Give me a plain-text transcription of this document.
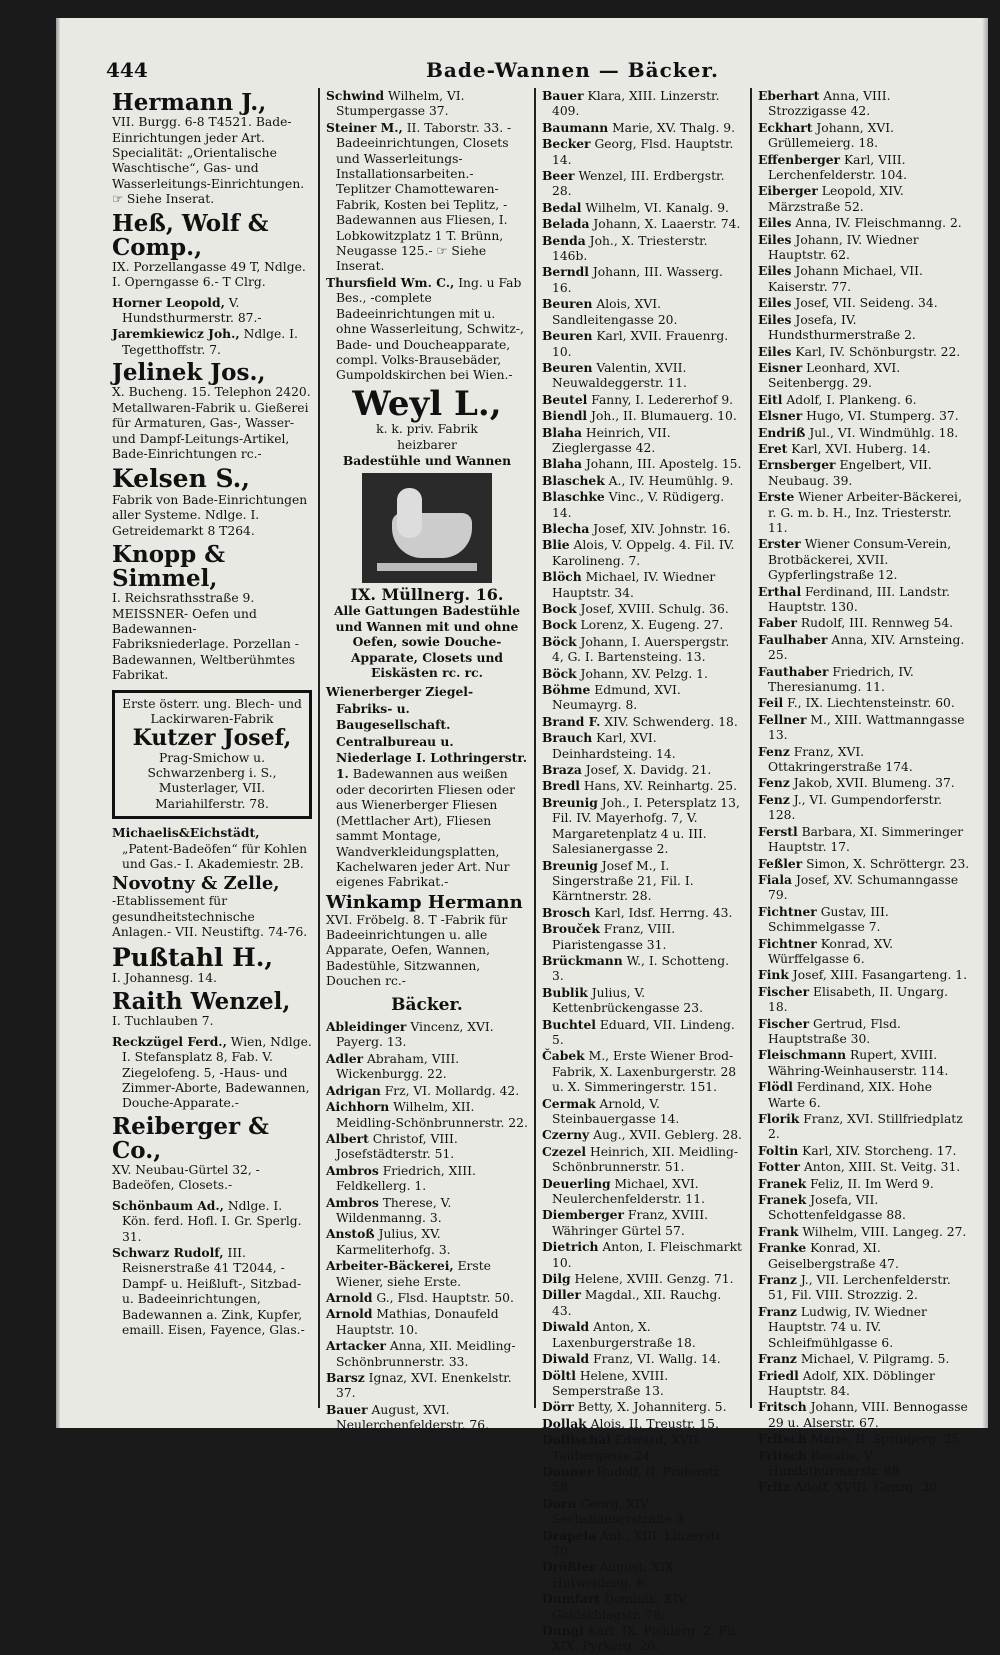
444	Bade-Wannen — Bäcker.
Hermann J.,
VII. Burgg. 6-8 T4521. Bade-Einrichtungen jeder Art. Specialität: „Orientalische Waschtische“, Gas- und Wasserleitungs-Einrichtungen. ☞ Siehe Inserat.
Heß, Wolf & Comp.,
IX. Porzellangasse 49 T, Ndlge. I. Operngasse 6.- T Clrg.

Horner Leopold, V. Hundsthurmerstr. 87.-

Jaremkiewicz Joh., Ndlge. I. Tegetthoffstr. 7.

Jelinek Jos.,
X. Bucheng. 15. Telephon 2420. Metallwaren-Fabrik u. Gießerei für Armaturen, Gas-, Wasser- und Dampf-Leitungs-Artikel, Bade-Einrichtungen rc.-
Kelsen S.,
Fabrik von Bade-Einrichtungen aller Systeme. Ndlge. I. Getreidemarkt 8 T264.
Knopp & Simmel,
I. Reichsrathsstraße 9. MEISSNER- Oefen und Badewannen-Fabriksniederlage. Porzellan - Badewannen, Weltberühmtes Fabrikat.
Erste österr. ung. Blech- und Lackirwaren-Fabrik
Kutzer Josef,
Prag-Smichow u. Schwarzenberg i. S., Musterlager, VII. Mariahilferstr. 78.

Michaelis&Eichstädt, „Patent-Badeöfen“ für Kohlen und Gas.- I. Akademiestr. 2B.

Novotny & Zelle,
-Etablissement für gesundheitstechnische Anlagen.- VII. Neustiftg. 74-76.
Pußtahl H.,
I. Johannesg. 14.
Raith Wenzel,
I. Tuchlauben 7.

Reckzügel Ferd., Wien, Ndlge. I. Stefansplatz 8, Fab. V. Ziegelofeng. 5, -Haus- und Zimmer-Aborte, Badewannen, Douche-Apparate.-

Reiberger & Co.,
XV. Neubau-Gürtel 32, -Badeöfen, Closets.-

Schönbaum Ad., Ndlge. I. Kön. ferd. Hofl. I. Gr. Sperlg. 31.

Schwarz Rudolf, III. Reisnerstraße 41 T2044, -Dampf- u. Heißluft-, Sitzbad- u. Badeeinrichtungen, Badewannen a. Zink, Kupfer, emaill. Eisen, Fayence, Glas.-

Schwind Wilhelm, VI. Stumpergasse 37.

Steiner M., II. Taborstr. 33. -Badeeinrichtungen, Closets und Wasserleitungs-Installationsarbeiten.- Teplitzer Chamottewaren-Fabrik, Kosten bei Teplitz, -Badewannen aus Fliesen, I. Lobkowitzplatz 1 T. Brünn, Neugasse 125.- ☞ Siehe Inserat.

Thursfield Wm. C., Ing. u Fab Bes., -complete Badeeinrichtungen mit u. ohne Wasserleitung, Schwitz-, Bade- und Doucheapparate, compl. Volks-Brausebäder, Gumpoldskirchen bei Wien.-

Weyl L.,
k. k. priv. Fabrik
heizbarer
Badestühle und Wannen
IX. Müllnerg. 16.
Alle Gattungen Badestühle und Wannen mit und ohne Oefen, sowie Douche-Apparate, Closets und Eiskästen rc. rc.

Wienerberger Ziegel-Fabriks- u. Baugesellschaft. Centralbureau u. Niederlage I. Lothringerstr. 1. Badewannen aus weißen oder decorirten Fliesen oder aus Wienerberger Fliesen (Mettlacher Art), Fliesen sammt Montage, Wandverkleidungsplatten, Kachelwaren jeder Art. Nur eigenes Fabrikat.-

Winkamp Hermann
XVI. Fröbelg. 8. T -Fabrik für Badeeinrichtungen u. alle Apparate, Oefen, Wannen, Badestühle, Sitzwannen, Douchen rc.-
Bäcker.

Ableidinger Vincenz, XVI. Payerg. 13.

Adler Abraham, VIII. Wickenburgg. 22.

Adrigan Frz, VI. Mollardg. 42.

Aichhorn Wilhelm, XII. Meidling-Schönbrunnerstr. 22.

Albert Christof, VIII. Josefstädterstr. 51.

Ambros Friedrich, XIII. Feldkellerg. 1.

Ambros Therese, V. Wildenmanng. 3.

Anstoß Julius, XV. Karmeliterhofg. 3.

Arbeiter-Bäckerei, Erste Wiener, siehe Erste.

Arnold G., Flsd. Hauptstr. 50.

Arnold Mathias, Donaufeld Hauptstr. 10.

Artacker Anna, XII. Meidling-Schönbrunnerstr. 33.

Barsz Ignaz, XVI. Enenkelstr. 37.

Bauer August, XVI. Neulerchenfelderstr. 76.

Bauer Klara, XIII. Linzerstr. 409.

Baumann Marie, XV. Thalg. 9.

Becker Georg, Flsd. Hauptstr. 14.

Beer Wenzel, III. Erdbergstr. 28.

Bedal Wilhelm, VI. Kanalg. 9.

Belada Johann, X. Laaerstr. 74.

Benda Joh., X. Triesterstr. 146b.

Berndl Johann, III. Wasserg. 16.

Beuren Alois, XVI. Sandleitengasse 20.

Beuren Karl, XVII. Frauenrg. 10.

Beuren Valentin, XVII. Neuwaldeggerstr. 11.

Beutel Fanny, I. Ledererhof 9.

Biendl Joh., II. Blumauerg. 10.

Blaha Heinrich, VII. Zieglergasse 42.

Blaha Johann, III. Apostelg. 15.

Blaschek A., IV. Heumühlg. 9.

Blaschke Vinc., V. Rüdigerg. 14.

Blecha Josef, XIV. Johnstr. 16.

Blie Alois, V. Oppelg. 4. Fil. IV. Karolineng. 7.

Blöch Michael, IV. Wiedner Hauptstr. 34.

Bock Josef, XVIII. Schulg. 36.

Bock Lorenz, X. Eugeng. 27.

Böck Johann, I. Auerspergstr. 4, G. I. Bartensteing. 13.

Böck Johann, XV. Pelzg. 1.

Böhme Edmund, XVI. Neumayrg. 8.

Brand F. XIV. Schwenderg. 18.

Brauch Karl, XVI. Deinhardsteing. 14.

Braza Josef, X. Davidg. 21.

Bredl Hans, XV. Reinhartg. 25.

Breunig Joh., I. Petersplatz 13, Fil. IV. Mayerhofg. 7, V. Margaretenplatz 4 u. III. Salesianergasse 2.

Breunig Josef M., I. Singerstraße 21, Fil. I. Kärntnerstr. 28.

Brosch Karl, Idsf. Herrng. 43.

Brouček Franz, VIII. Piaristengasse 31.

Brückmann W., I. Schotteng. 3.

Bublik Julius, V. Kettenbrückengasse 23.

Buchtel Eduard, VII. Lindeng. 5.

Čabek M., Erste Wiener Brod-Fabrik, X. Laxenburgerstr. 28 u. X. Simmeringerstr. 151.

Cermak Arnold, V. Steinbauergasse 14.

Czerny Aug., XVII. Geblerg. 28.

Czezel Heinrich, XII. Meidling-Schönbrunnerstr. 51.

Deuerling Michael, XVI. Neulerchenfelderstr. 11.

Diemberger Franz, XVIII. Währinger Gürtel 57.

Dietrich Anton, I. Fleischmarkt 10.

Dilg Helene, XVIII. Genzg. 71.

Diller Magdal., XII. Rauchg. 43.

Diwald Anton, X. Laxenburgerstraße 18.

Diwald Franz, VI. Wallg. 14.

Döltl Helene, XVIII. Semperstraße 13.

Dörr Betty, X. Johanniterg. 5.

Dollak Alois, II. Treustr. 15.

Dollischal Edward, XVII. Taubergasse 24.

Donner Rudolf, II. Praterstr. 58.

Dorn Georg, XIV. Sechshauserstraße 3.

Drapela Ant., XIII. Linzerstr. 70.

Drößler August, XIX. Hutweideng. 8.

Dumfart Dominik, XIV. Goldschlagstr. 78.

Dungl Karl, IX. Pichlerg. 2. Fil. XIX. Pyrkerg. 20.

Eberhart Anna, VIII. Strozzigasse 42.

Eckhart Johann, XVI. Grüllemeierg. 18.

Effenberger Karl, VIII. Lerchenfelderstr. 104.

Eiberger Leopold, XIV. Märzstraße 52.

Eiles Anna, IV. Fleischmanng. 2.

Eiles Johann, IV. Wiedner Hauptstr. 62.

Eiles Johann Michael, VII. Kaiserstr. 77.

Eiles Josef, VII. Seideng. 34.

Eiles Josefa, IV. Hundsthurmerstraße 2.

Eiles Karl, IV. Schönburgstr. 22.

Eisner Leonhard, XVI. Seitenbergg. 29.

Eitl Adolf, I. Plankeng. 6.

Elsner Hugo, VI. Stumperg. 37.

Endriß Jul., VI. Windmühlg. 18.

Eret Karl, XVI. Huberg. 14.

Ernsberger Engelbert, VII. Neubaug. 39.

Erste Wiener Arbeiter-Bäckerei, r. G. m. b. H., Inz. Triesterstr. 11.

Erster Wiener Consum-Verein, Brotbäckerei, XVII. Gypferlingstraße 12.

Erthal Ferdinand, III. Landstr. Hauptstr. 130.

Faber Rudolf, III. Rennweg 54.

Faulhaber Anna, XIV. Arnsteing. 25.

Fauthaber Friedrich, IV. Theresianumg. 11.

Feil F., IX. Liechtensteinstr. 60.

Fellner M., XIII. Wattmanngasse 13.

Fenz Franz, XVI. Ottakringerstraße 174.

Fenz Jakob, XVII. Blumeng. 37.

Fenz J., VI. Gumpendorferstr. 128.

Ferstl Barbara, XI. Simmeringer Hauptstr. 17.

Feßler Simon, X. Schröttergr. 23.

Fiala Josef, XV. Schumanngasse 79.

Fichtner Gustav, III. Schimmelgasse 7.

Fichtner Konrad, XV. Würffelgasse 6.

Fink Josef, XIII. Fasangarteng. 1.

Fischer Elisabeth, II. Ungarg. 18.

Fischer Gertrud, Flsd. Hauptstraße 30.

Fleischmann Rupert, XVIII. Währing-Weinhauserstr. 114.

Flödl Ferdinand, XIX. Hohe Warte 6.

Florik Franz, XVI. Stillfriedplatz 2.

Foltin Karl, XIV. Storcheng. 17.

Fotter Anton, XIII. St. Veitg. 31.

Franek Feliz, II. Im Werd 9.

Franek Josefa, VII. Schottenfeldgasse 88.

Frank Wilhelm, VIII. Langeg. 27.

Franke Konrad, XI. Geiselbergstraße 47.

Franz J., VII. Lerchenfelderstr. 51, Fil. VIII. Strozzig. 2.

Franz Ludwig, IV. Wiedner Hauptstr. 74 u. IV. Schleifmühlgasse 6.

Franz Michael, V. Pilgramg. 5.

Friedl Adolf, XIX. Döblinger Hauptstr. 84.

Fritsch Johann, VIII. Bennogasse 29 u. Alserstr. 67.

Fritsch Marie, II. Springerg. 25.

Fritsch Rosalie, V. Hundsthurmerstr. 88.

Fritz Adolf, XVIII. Genzg. 30.
